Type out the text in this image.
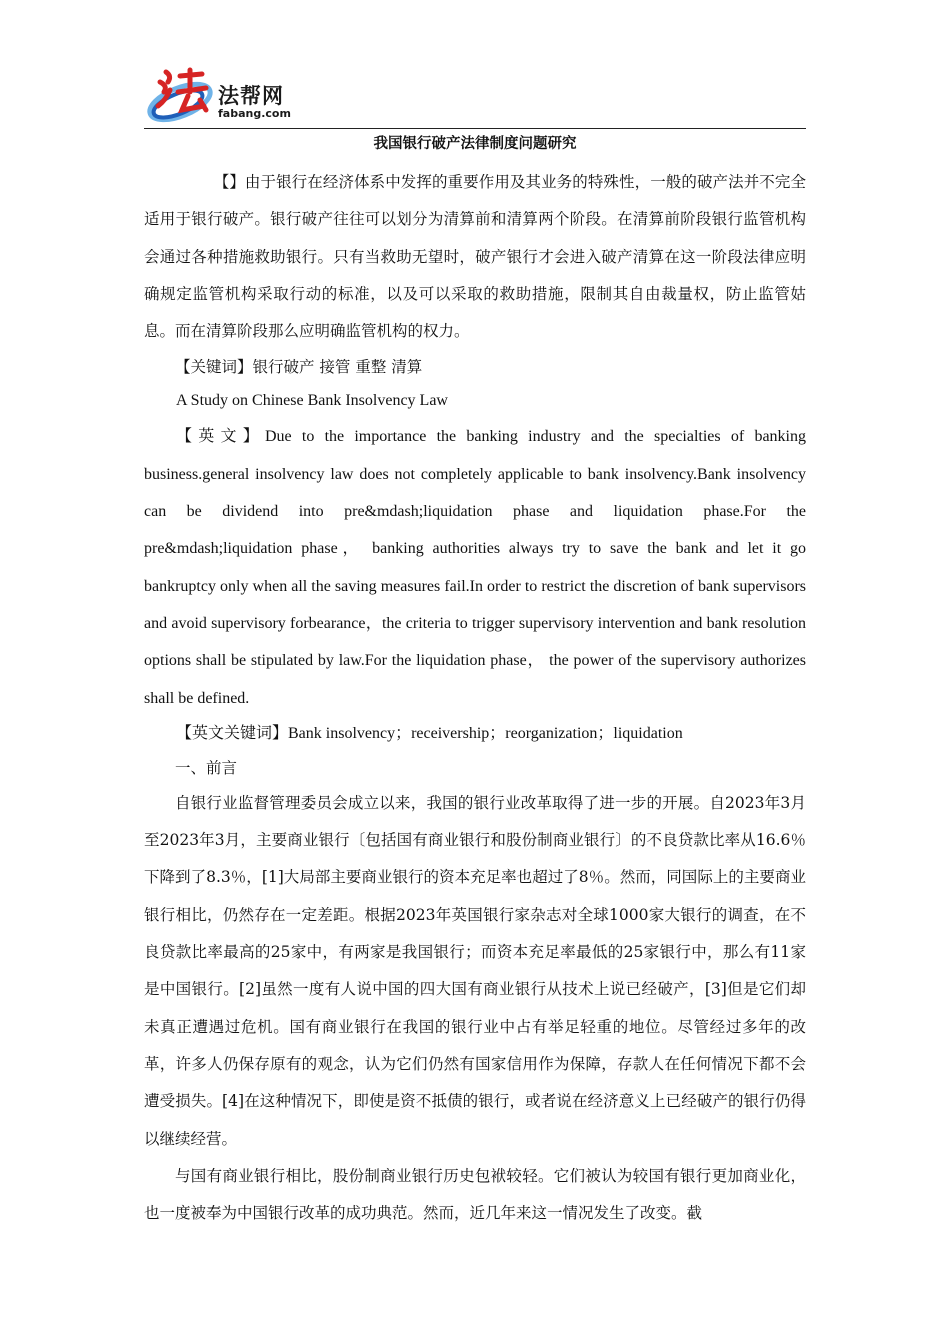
法帮网
fabang.com
我国银行破产法律制度问题研究

【】由于银行在经济体系中发挥的重要作用及其业务的特殊性，一般的破产法并不完全适用于银行破产。银行破产往往可以划分为清算前和清算两个阶段。在清算前阶段银行监管机构会通过各种措施救助银行。只有当救助无望时，破产银行才会进入破产清算在这一阶段法律应明确规定监管机构采取行动的标准，以及可以采取的救助措施，限制其自由裁量权，防止监管姑息。而在清算阶段那么应明确监管机构的权力。

【关键词】银行破产 接管 重整 清算

A Study on Chinese Bank Insolvency Law

【英文】Due to the importance the banking industry and the specialties of banking business.general insolvency law does not completely applicable to bank insolvency.Bank insolvency can be dividend into pre&mdash;liquidation phase and liquidation phase.For the pre&mdash;liquidation phase， banking authorities always try to save the bank and let it go bankruptcy only when all the saving measures fail.In order to restrict the discretion of bank supervisors and avoid supervisory forbearance，the criteria to trigger supervisory intervention and bank resolution options shall be stipulated by law.For the liquidation phase， the power of the supervisory authorizes shall be defined.

【英文关键词】Bank insolvency；receivership；reorganization；liquidation

一、前言

自银行业监督管理委员会成立以来，我国的银行业改革取得了进一步的开展。自2023年3月至2023年3月，主要商业银行〔包括国有商业银行和股份制商业银行〕的不良贷款比率从16.6％下降到了8.3％，[1]大局部主要商业银行的资本充足率也超过了8％。然而，同国际上的主要商业银行相比，仍然存在一定差距。根据2023年英国银行家杂志对全球1000家大银行的调查，在不良贷款比率最高的25家中，有两家是我国银行；而资本充足率最低的25家银行中，那么有11家是中国银行。[2]虽然一度有人说中国的四大国有商业银行从技术上说已经破产，[3]但是它们却未真正遭遇过危机。国有商业银行在我国的银行业中占有举足轻重的地位。尽管经过多年的改革，许多人仍保存原有的观念，认为它们仍然有国家信用作为保障，存款人在任何情况下都不会遭受损失。[4]在这种情况下，即使是资不抵债的银行，或者说在经济意义上已经破产的银行仍得以继续经营。

与国有商业银行相比，股份制商业银行历史包袱较轻。它们被认为较国有银行更加商业化，也一度被奉为中国银行改革的成功典范。然而，近几年来这一情况发生了改变。截
